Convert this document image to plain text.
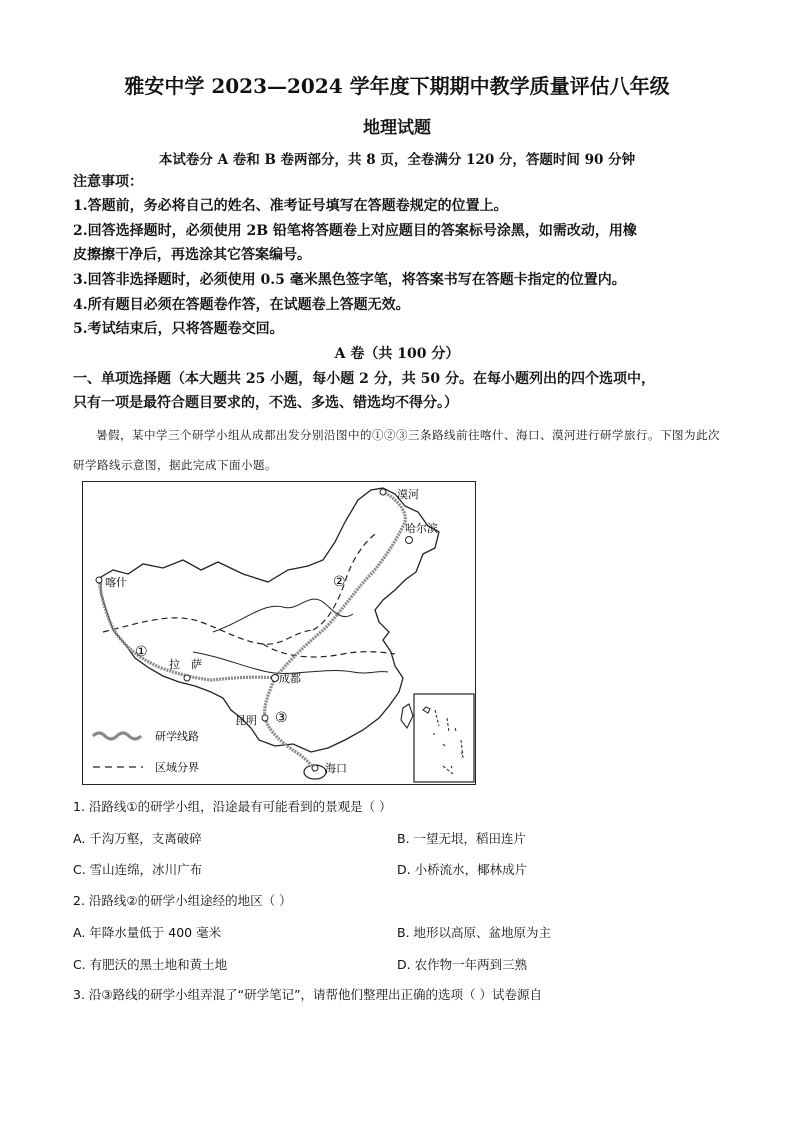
雅安中学 2023—2024 学年度下期期中教学质量评估八年级
地理试题
本试卷分 A 卷和 B 卷两部分，共 8 页，全卷满分 120 分，答题时间 90 分钟
注意事项：
1.答题前，务必将自己的姓名、准考证号填写在答题卷规定的位置上。
2.回答选择题时，必须使用 2B 铅笔将答题卷上对应题目的答案标号涂黑，如需改动，用橡
皮擦擦干净后，再选涂其它答案编号。
3.回答非选择题时，必须使用 0.5 毫米黑色签字笔，将答案书写在答题卡指定的位置内。
4.所有题目必须在答题卷作答，在试题卷上答题无效。
5.考试结束后，只将答题卷交回。
A 卷（共 100 分）
一、单项选择题（本大题共 25 小题，每小题 2 分，共 50 分。在每小题列出的四个选项中，
只有一项是最符合题目要求的，不选、多选、错选均不得分。）
暑假，某中学三个研学小组从成都出发分别沿图中的①②③三条路线前往喀什、海口、漠河进行研学旅行。下图为此次研学路线示意图，据此完成下面小题。
漠河
哈尔滨
喀什
拉　萨
成都
昆明
海口
①
②
③
研学线路
区域分界
1. 沿路线①的研学小组，沿途最有可能看到的景观是（ ）
A. 千沟万壑，支离破碎	B. 一望无垠，稻田连片
C. 雪山连绵，冰川广布	D. 小桥流水，椰林成片
2. 沿路线②的研学小组途经的地区（ ）
A. 年降水量低于 400 毫米	B. 地形以高原、盆地原为主
C. 有肥沃的黑土地和黄土地	D. 农作物一年两到三熟
3. 沿③路线的研学小组弄混了“研学笔记”，请帮他们整理出正确的选项（ ）试卷源自
